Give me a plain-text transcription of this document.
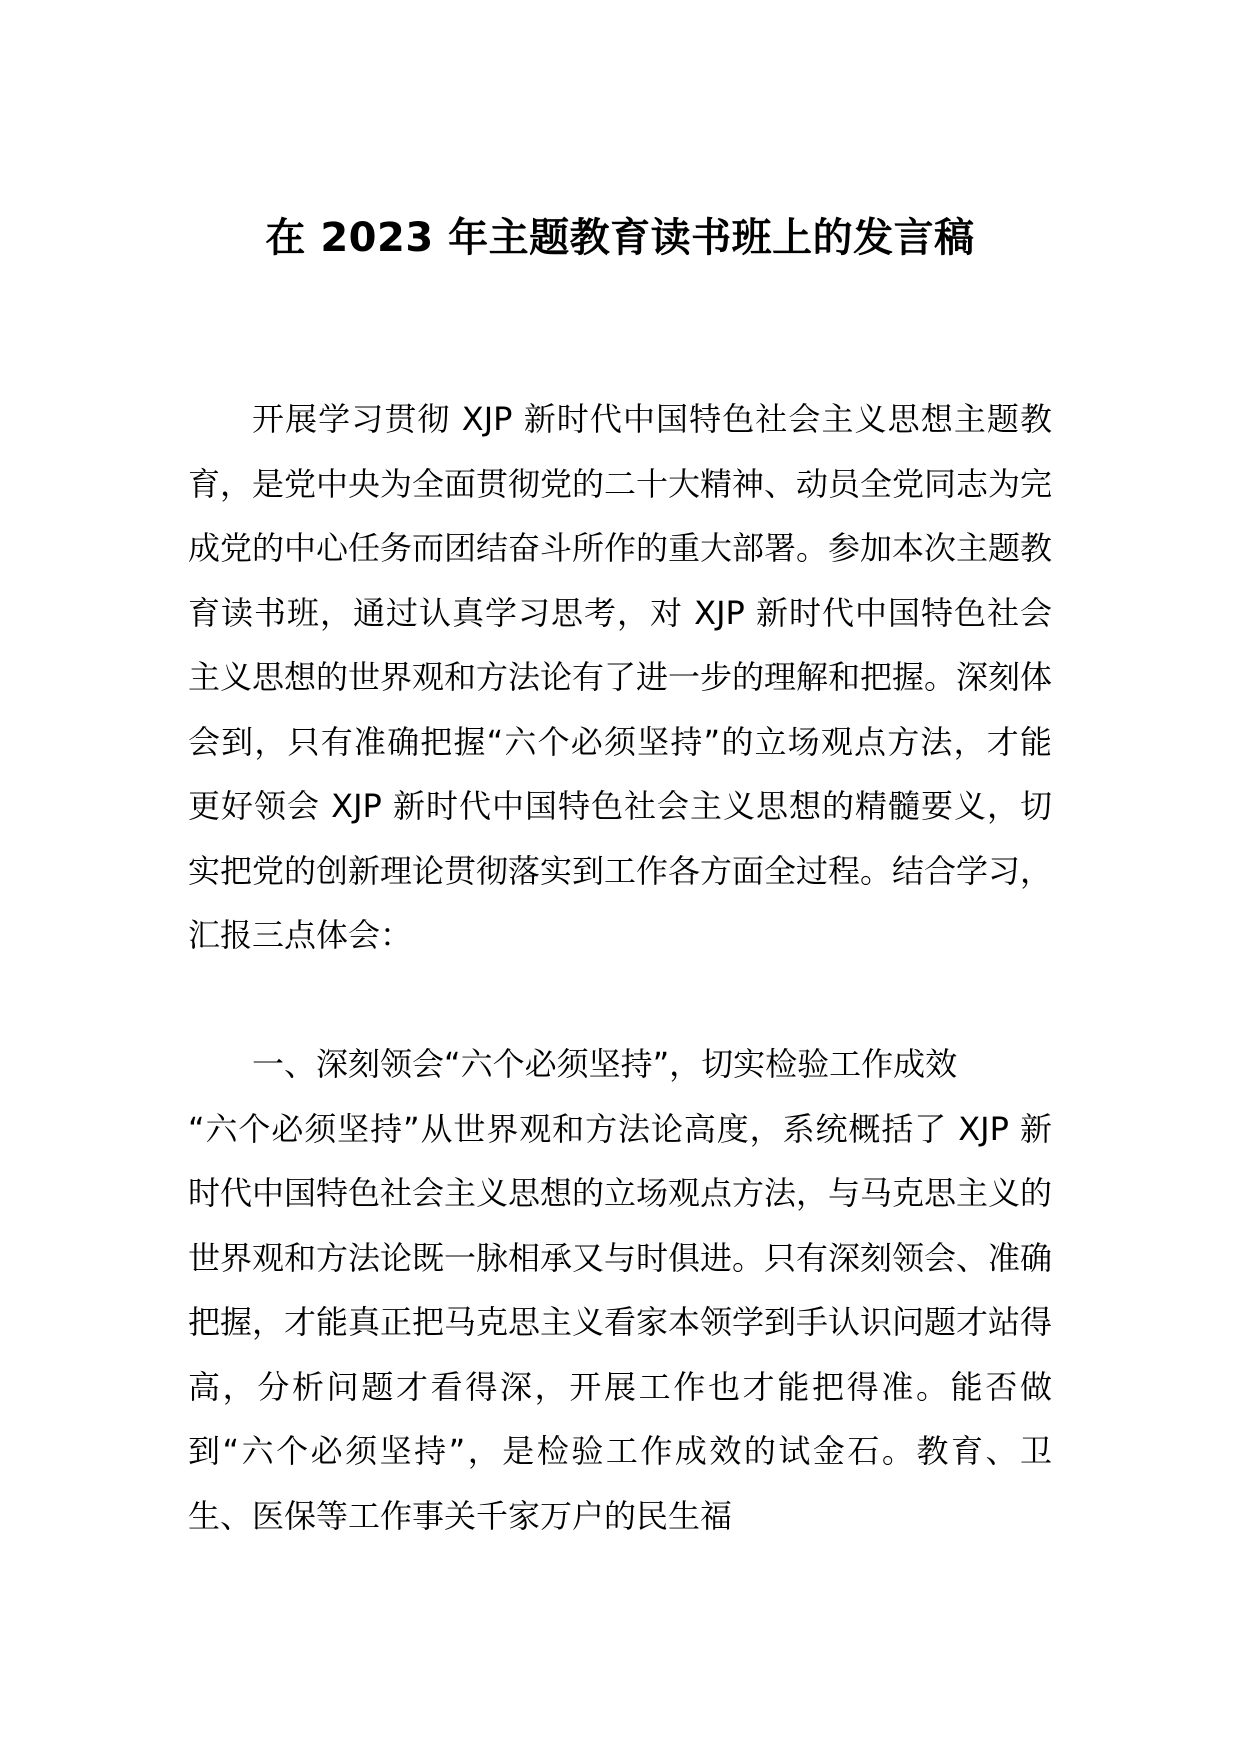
在 2023 年主题教育读书班上的发言稿

开展学习贯彻 XJP 新时代中国特色社会主义思想主题教育，是党中央为全面贯彻党的二十大精神、动员全党同志为完成党的中心任务而团结奋斗所作的重大部署。参加本次主题教育读书班，通过认真学习思考，对 XJP 新时代中国特色社会主义思想的世界观和方法论有了进一步的理解和把握。深刻体会到，只有准确把握“六个必须坚持”的立场观点方法，才能更好领会 XJP 新时代中国特色社会主义思想的精髓要义，切实把党的创新理论贯彻落实到工作各方面全过程。结合学习，汇报三点体会：

一、深刻领会“六个必须坚持”，切实检验工作成效

“六个必须坚持”从世界观和方法论高度，系统概括了 XJP 新时代中国特色社会主义思想的立场观点方法，与马克思主义的世界观和方法论既一脉相承又与时俱进。只有深刻领会、准确把握，才能真正把马克思主义看家本领学到手认识问题才站得高，分析问题才看得深，开展工作也才能把得准。能否做到“六个必须坚持”，是检验工作成效的试金石。教育、卫生、医保等工作事关千家万户的民生福
